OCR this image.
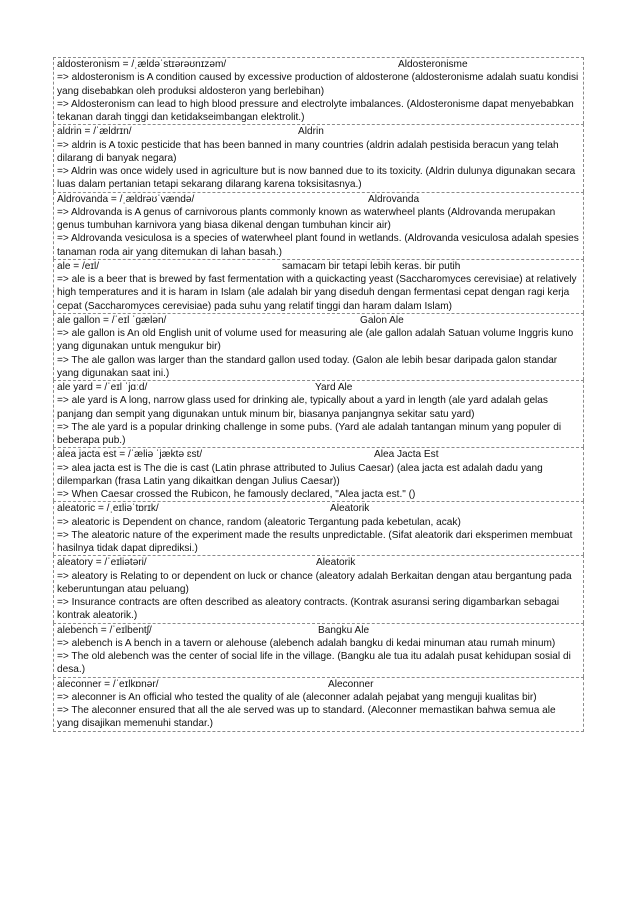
aldosteronism = /ˌældəˈstɪərəʊnɪzəm/	Aldosteronisme
=> aldosteronism is A condition caused by excessive production of aldosterone (aldosteronisme adalah suatu kondisi yang disebabkan oleh produksi aldosteron yang berlebihan)
=> Aldosteronism can lead to high blood pressure and electrolyte imbalances. (Aldosteronisme dapat menyebabkan tekanan darah tinggi dan ketidakseimbangan elektrolit.)
aldrin = /ˈældrɪn/	Aldrin
=> aldrin is A toxic pesticide that has been banned in many countries (aldrin adalah pestisida beracun yang telah dilarang di banyak negara)
=> Aldrin was once widely used in agriculture but is now banned due to its toxicity. (Aldrin dulunya digunakan secara luas dalam pertanian tetapi sekarang dilarang karena toksisitasnya.)
Aldrovanda = /ˌældrəʊˈvændə/	Aldrovanda
=> Aldrovanda is A genus of carnivorous plants commonly known as waterwheel plants (Aldrovanda merupakan genus tumbuhan karnivora yang biasa dikenal dengan tumbuhan kincir air)
=> Aldrovanda vesiculosa is a species of waterwheel plant found in wetlands. (Aldrovanda vesiculosa adalah spesies tanaman roda air yang ditemukan di lahan basah.)
ale = /eɪl/	samacam bir tetapi lebih keras. bir putih
=> ale is a beer that is brewed by fast fermentation with a quickacting yeast (Saccharomyces cerevisiae) at relatively high temperatures and it is haram in Islam (ale adalah bir yang diseduh dengan fermentasi cepat dengan ragi kerja cepat (Saccharomyces cerevisiae) pada suhu yang relatif tinggi dan haram dalam Islam)
ale gallon = /ˈeɪl ˈɡælən/	Galon Ale
=> ale gallon is An old English unit of volume used for measuring ale (ale gallon adalah Satuan volume Inggris kuno yang digunakan untuk mengukur bir)
=> The ale gallon was larger than the standard gallon used today. (Galon ale lebih besar daripada galon standar yang digunakan saat ini.)
ale yard = /ˈeɪl ˈjɑːd/	Yard Ale
=> ale yard is A long, narrow glass used for drinking ale, typically about a yard in length (ale yard adalah gelas panjang dan sempit yang digunakan untuk minum bir, biasanya panjangnya sekitar satu yard)
=> The ale yard is a popular drinking challenge in some pubs. (Yard ale adalah tantangan minum yang populer di beberapa pub.)
alea jacta est = /ˈæliə ˈjæktə ɛst/	Alea Jacta Est
=> alea jacta est is The die is cast (Latin phrase attributed to Julius Caesar) (alea jacta est adalah dadu yang dilemparkan (frasa Latin yang dikaitkan dengan Julius Caesar))
=> When Caesar crossed the Rubicon, he famously declared, "Alea jacta est." ()
aleatoric = /ˌeɪliəˈtɒrɪk/	Aleatorik
=> aleatoric is Dependent on chance, random (aleatoric Tergantung pada kebetulan, acak)
=> The aleatoric nature of the experiment made the results unpredictable. (Sifat aleatorik dari eksperimen membuat hasilnya tidak dapat diprediksi.)
aleatory = /ˈeɪliətəri/	Aleatorik
=> aleatory is Relating to or dependent on luck or chance (aleatory adalah Berkaitan dengan atau bergantung pada keberuntungan atau peluang)
=> Insurance contracts are often described as aleatory contracts. (Kontrak asuransi sering digambarkan sebagai kontrak aleatorik.)
alebench = /ˈeɪlbentʃ/	Bangku Ale
=> alebench is A bench in a tavern or alehouse (alebench adalah bangku di kedai minuman atau rumah minum)
=> The old alebench was the center of social life in the village. (Bangku ale tua itu adalah pusat kehidupan sosial di desa.)
aleconner = /ˈeɪlkɒnər/	Aleconner
=> aleconner is An official who tested the quality of ale (aleconner adalah pejabat yang menguji kualitas bir)
=> The aleconner ensured that all the ale served was up to standard. (Aleconner memastikan bahwa semua ale yang disajikan memenuhi standar.)
